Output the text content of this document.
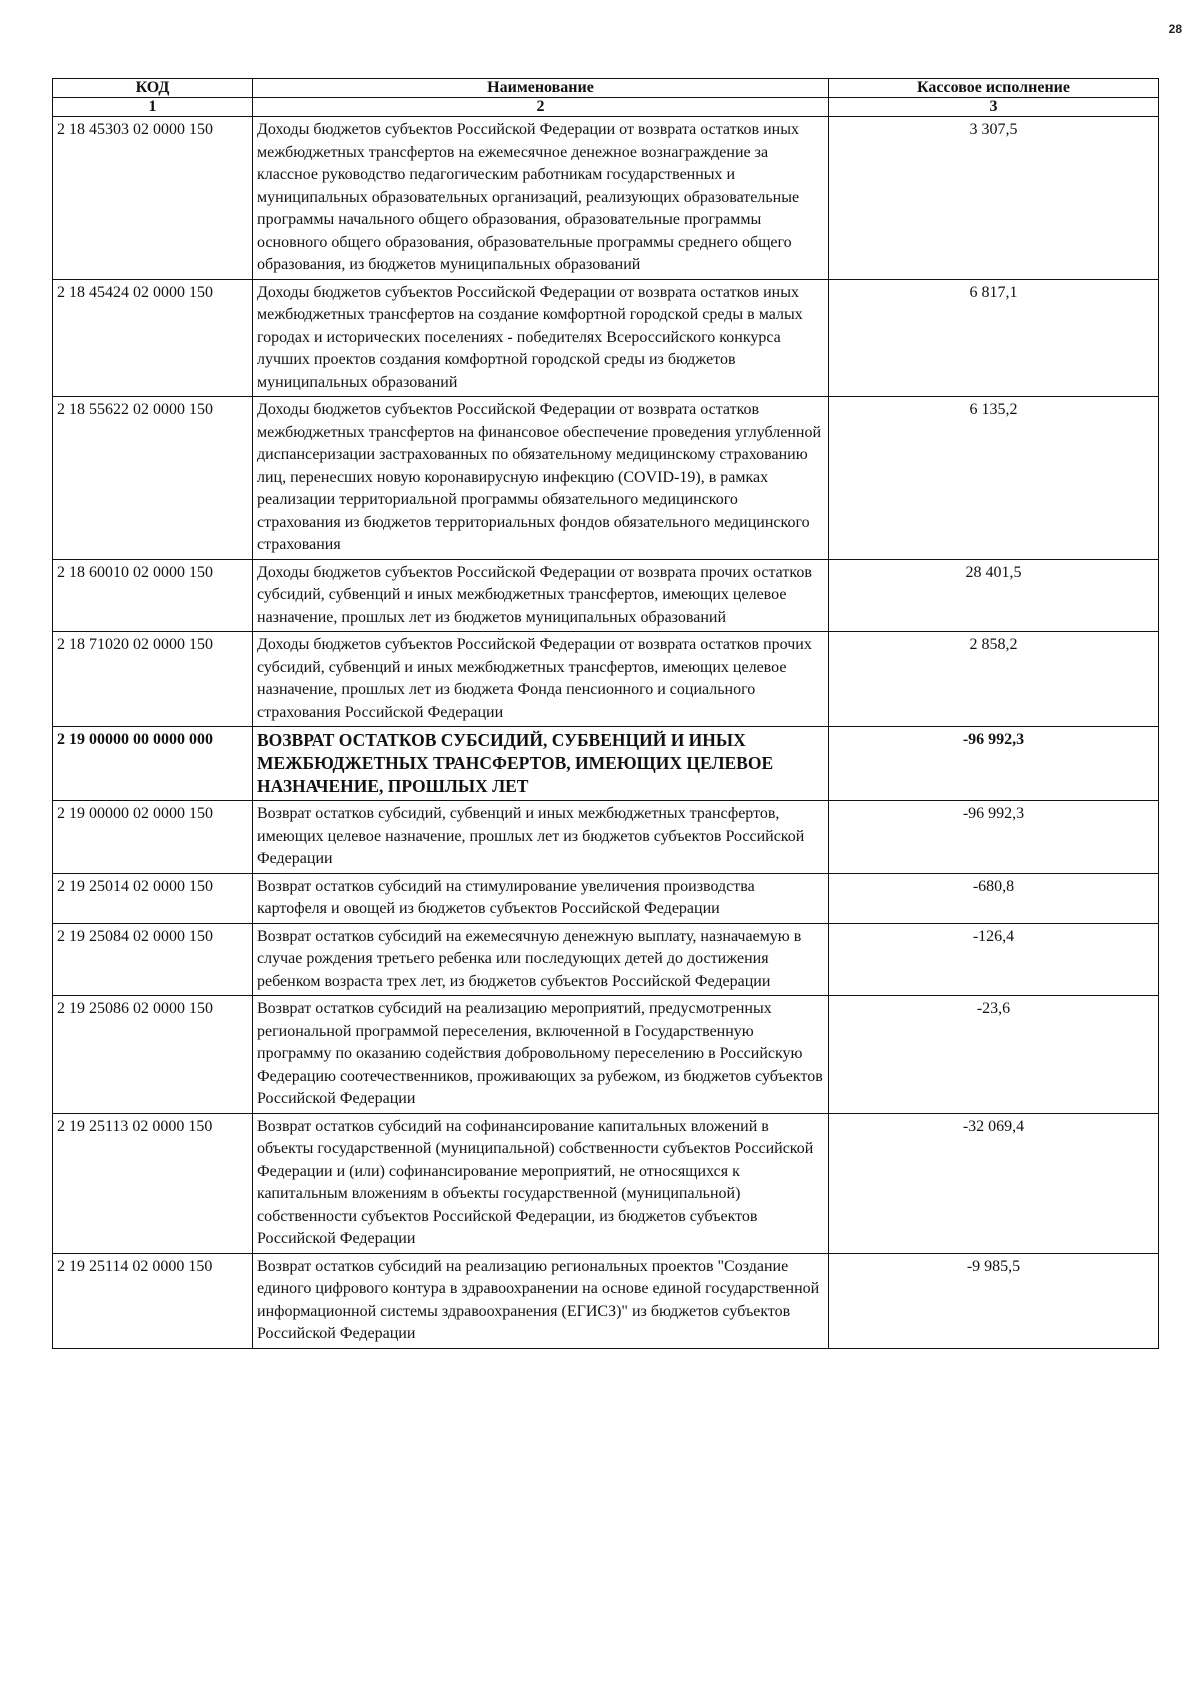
28
КОД	Наименование	Кассовое исполнение
1	2	3
2 18 45303 02 0000 150	Доходы бюджетов субъектов Российской Федерации от возврата остатков иных межбюджетных трансфертов на ежемесячное денежное вознаграждение за классное руководство педагогическим работникам государственных и муниципальных образовательных организаций, реализующих образовательные программы начального общего образования, образовательные программы основного общего образования, образовательные программы среднего общего образования, из бюджетов муниципальных образований	3 307,5
2 18 45424 02 0000 150	Доходы бюджетов субъектов Российской Федерации от возврата остатков иных межбюджетных трансфертов на создание комфортной городской среды в малых городах и исторических поселениях - победителях Всероссийского конкурса лучших проектов создания комфортной городской среды из бюджетов муниципальных образований	6 817,1
2 18 55622 02 0000 150	Доходы бюджетов субъектов Российской Федерации от возврата остатков межбюджетных трансфертов на финансовое обеспечение проведения углубленной диспансеризации застрахованных по обязательному медицинскому страхованию лиц, перенесших новую коронавирусную инфекцию (COVID-19), в рамках реализации территориальной программы обязательного медицинского страхования из бюджетов территориальных фондов обязательного медицинского страхования	6 135,2
2 18 60010 02 0000 150	Доходы бюджетов субъектов Российской Федерации от возврата прочих остатков субсидий, субвенций и иных межбюджетных трансфертов, имеющих целевое назначение, прошлых лет из бюджетов муниципальных образований	28 401,5
2 18 71020 02 0000 150	Доходы бюджетов субъектов Российской Федерации от возврата остатков прочих субсидий, субвенций и иных межбюджетных трансфертов, имеющих целевое назначение, прошлых лет из бюджета Фонда пенсионного и социального страхования Российской Федерации	2 858,2
2 19 00000 00 0000 000	ВОЗВРАТ ОСТАТКОВ СУБСИДИЙ, СУБВЕНЦИЙ И ИНЫХ МЕЖБЮДЖЕТНЫХ ТРАНСФЕРТОВ, ИМЕЮЩИХ ЦЕЛЕВОЕ НАЗНАЧЕНИЕ, ПРОШЛЫХ ЛЕТ	-96 992,3
2 19 00000 02 0000 150	Возврат остатков субсидий, субвенций и иных межбюджетных трансфертов, имеющих целевое назначение, прошлых лет из бюджетов субъектов Российской Федерации	-96 992,3
2 19 25014 02 0000 150	Возврат остатков субсидий на стимулирование увеличения производства картофеля и овощей из бюджетов субъектов Российской Федерации	-680,8
2 19 25084 02 0000 150	Возврат остатков субсидий на ежемесячную денежную выплату, назначаемую в случае рождения третьего ребенка или последующих детей до достижения ребенком возраста трех лет, из бюджетов субъектов Российской Федерации	-126,4
2 19 25086 02 0000 150	Возврат остатков субсидий на реализацию мероприятий, предусмотренных региональной программой переселения, включенной в Государственную программу по оказанию содействия добровольному переселению в Российскую Федерацию соотечественников, проживающих за рубежом, из бюджетов субъектов Российской Федерации	-23,6
2 19 25113 02 0000 150	Возврат остатков субсидий на софинансирование капитальных вложений в объекты государственной (муниципальной) собственности субъектов Российской Федерации и (или) софинансирование мероприятий, не относящихся к капитальным вложениям в объекты государственной (муниципальной) собственности субъектов Российской Федерации, из бюджетов субъектов Российской Федерации	-32 069,4
2 19 25114 02 0000 150	Возврат остатков субсидий на реализацию региональных проектов "Создание единого цифрового контура в здравоохранении на основе единой государственной информационной системы здравоохранения (ЕГИСЗ)" из бюджетов субъектов Российской Федерации	-9 985,5
